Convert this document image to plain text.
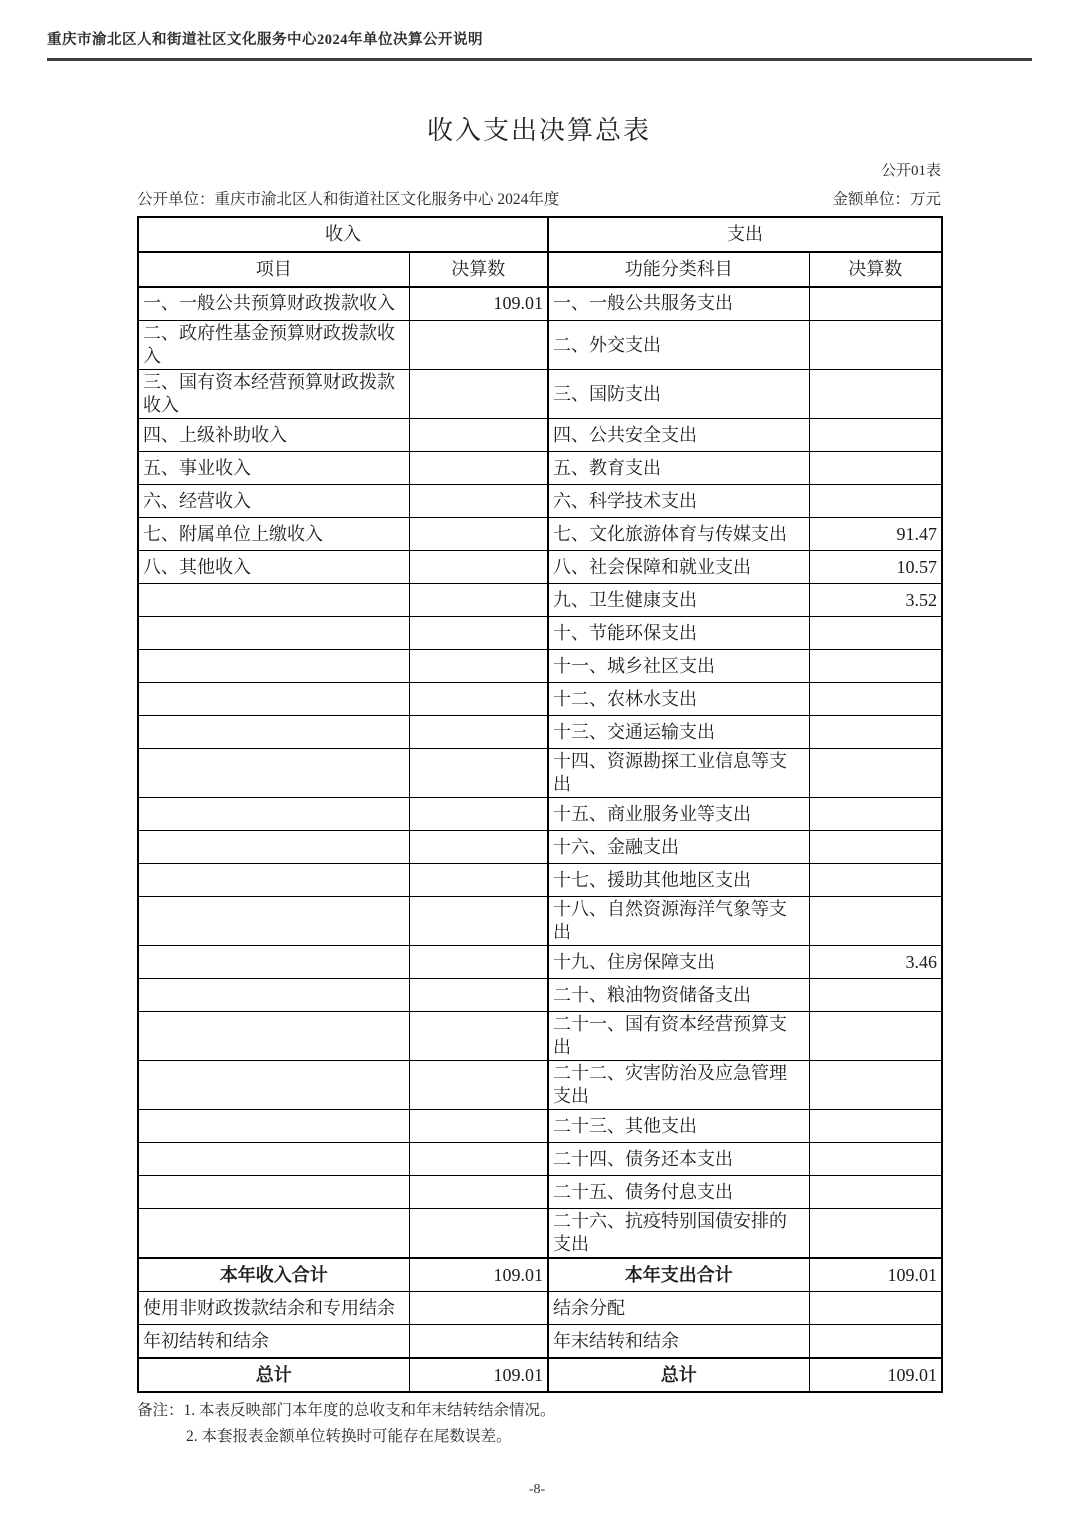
重庆市渝北区人和街道社区文化服务中心2024年单位决算公开说明
收入支出决算总表
公开01表
公开单位：重庆市渝北区人和街道社区文化服务中心 2024年度	金额单位：万元
收入		支出	
项目	决算数	功能分类科目	决算数
一、一般公共预算财政拨款收入	109.01	一、一般公共服务支出	
二、政府性基金预算财政拨款收入		二、外交支出	
三、国有资本经营预算财政拨款收入		三、国防支出	
四、上级补助收入		四、公共安全支出	
五、事业收入		五、教育支出	
六、经营收入		六、科学技术支出	
七、附属单位上缴收入		七、文化旅游体育与传媒支出	91.47
八、其他收入		八、社会保障和就业支出	10.57
		九、卫生健康支出	3.52
		十、节能环保支出	
		十一、城乡社区支出	
		十二、农林水支出	
		十三、交通运输支出	
		十四、资源勘探工业信息等支出	
		十五、商业服务业等支出	
		十六、金融支出	
		十七、援助其他地区支出	
		十八、自然资源海洋气象等支出	
		十九、住房保障支出	3.46
		二十、粮油物资储备支出	
		二十一、国有资本经营预算支出	
		二十二、灾害防治及应急管理支出	
		二十三、其他支出	
		二十四、债务还本支出	
		二十五、债务付息支出	
		二十六、抗疫特别国债安排的支出	
本年收入合计	109.01	本年支出合计	109.01
使用非财政拨款结余和专用结余		结余分配	
年初结转和结余		年末结转和结余	
总计	109.01	总计	109.01
备注：1. 本表反映部门本年度的总收支和年末结转结余情况。
2. 本套报表金额单位转换时可能存在尾数误差。
-8-
